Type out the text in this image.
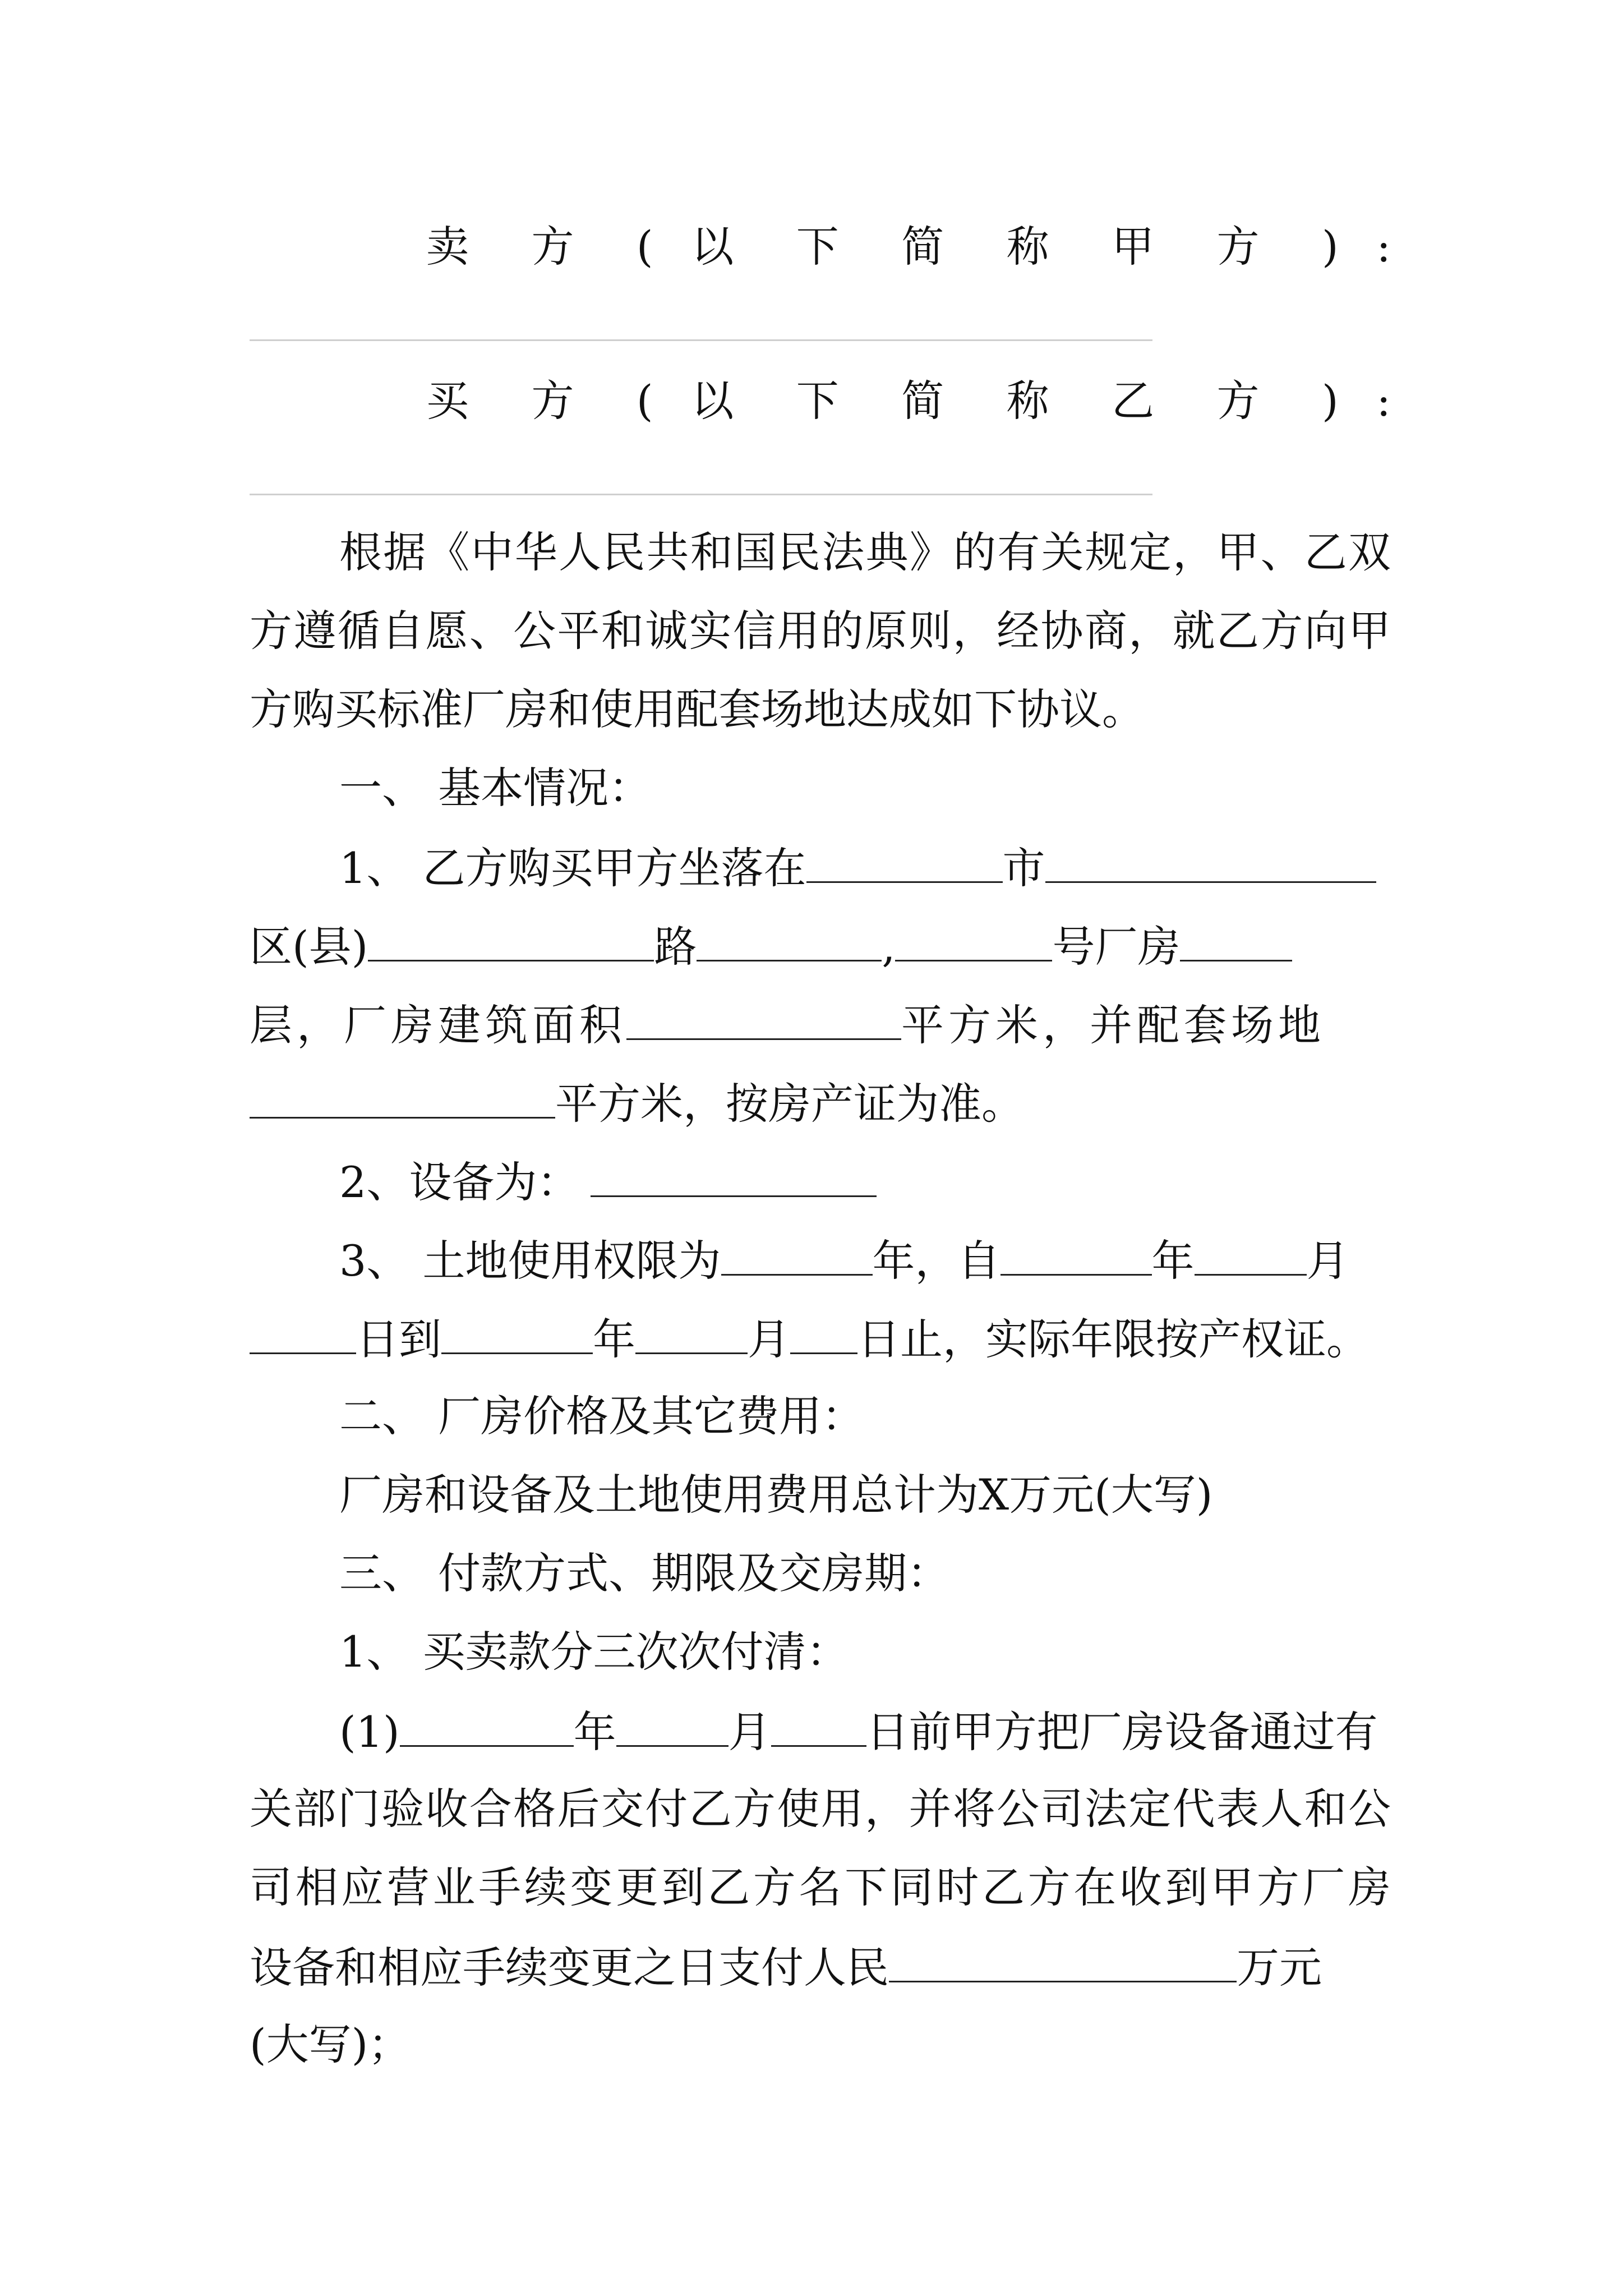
卖 方 ( 以 下 简 称 甲 方 ) :
买 方 ( 以 下 简 称 乙 方 ) :
根据《中华人民共和国民法典》的有关规定，甲、乙双
方遵循自愿、公平和诚实信用的原则，经协商，就乙方向甲
方购买标准厂房和使用配套场地达成如下协议。
一、 基本情况：
1、 乙方购买甲方坐落在	市
区(县)	路	,	号厂房
层，厂房建筑面积	平方米，并配套场地
平方米，按房产证为准。
2、设备为：
3、 土地使用权限为	年，自	年	月
日到	年	月 日止，实际年限按产权证。
二、 厂房价格及其它费用：
厂房和设备及土地使用费用总计为X万元(大写)
三、 付款方式、期限及交房期：
1、 买卖款分三次次付清：
(1)	年	月 日前甲方把厂房设备通过有
关部门验收合格后交付乙方使用，并将公司法定代表人和公
司相应营业手续变更到乙方名下同时乙方在收到甲方厂房
设备和相应手续变更之日支付人民	万元
(大写)；
